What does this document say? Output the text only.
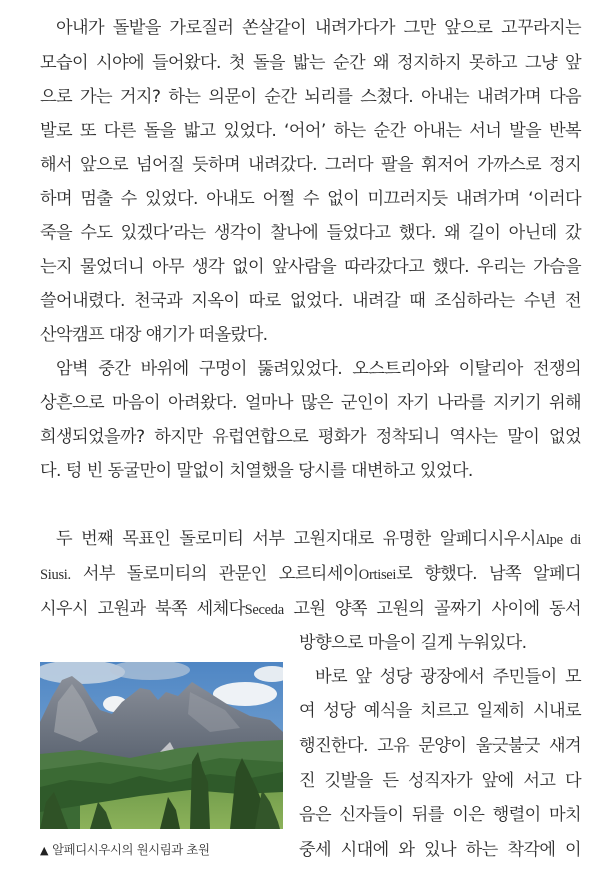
아내가 돌밭을 가로질러 쏜살같이 내려가다가 그만 앞으로 고꾸라지는
모습이 시야에 들어왔다. 첫 돌을 밟는 순간 왜 정지하지 못하고 그냥 앞
으로 가는 거지? 하는 의문이 순간 뇌리를 스쳤다. 아내는 내려가며 다음
발로 또 다른 돌을 밟고 있었다. ‘어어’ 하는 순간 아내는 서너 발을 반복
해서 앞으로 넘어질 듯하며 내려갔다. 그러다 팔을 휘저어 가까스로 정지
하며 멈출 수 있었다. 아내도 어쩔 수 없이 미끄러지듯 내려가며 ‘이러다
죽을 수도 있겠다’라는 생각이 찰나에 들었다고 했다. 왜 길이 아닌데 갔
는지 물었더니 아무 생각 없이 앞사람을 따라갔다고 했다. 우리는 가슴을
쓸어내렸다. 천국과 지옥이 따로 없었다. 내려갈 때 조심하라는 수년 전
산악캠프 대장 얘기가 떠올랐다.
암벽 중간 바위에 구멍이 뚫려있었다. 오스트리아와 이탈리아 전쟁의
상흔으로 마음이 아려왔다. 얼마나 많은 군인이 자기 나라를 지키기 위해
희생되었을까? 하지만 유럽연합으로 평화가 정착되니 역사는 말이 없었
다. 텅 빈 동굴만이 말없이 치열했을 당시를 대변하고 있었다.
두 번째 목표인 돌로미티 서부 고원지대로 유명한 알페디시우시Alpe di
Siusi. 서부 돌로미티의 관문인 오르티세이Ortisei로 향했다. 남쪽 알페디
시우시 고원과 북쪽 세체다Seceda 고원 양쪽 고원의 골짜기 사이에 동서
방향으로 마을이 길게 누워있다.
▲ 알페디시우시의 원시림과 초원
바로 앞 성당 광장에서 주민들이 모
여 성당 예식을 치르고 일제히 시내로
행진한다. 고유 문양이 울긋불긋 새겨
진 깃발을 든 성직자가 앞에 서고 다
음은 신자들이 뒤를 이은 행렬이 마치
중세 시대에 와 있나 하는 착각에 이
